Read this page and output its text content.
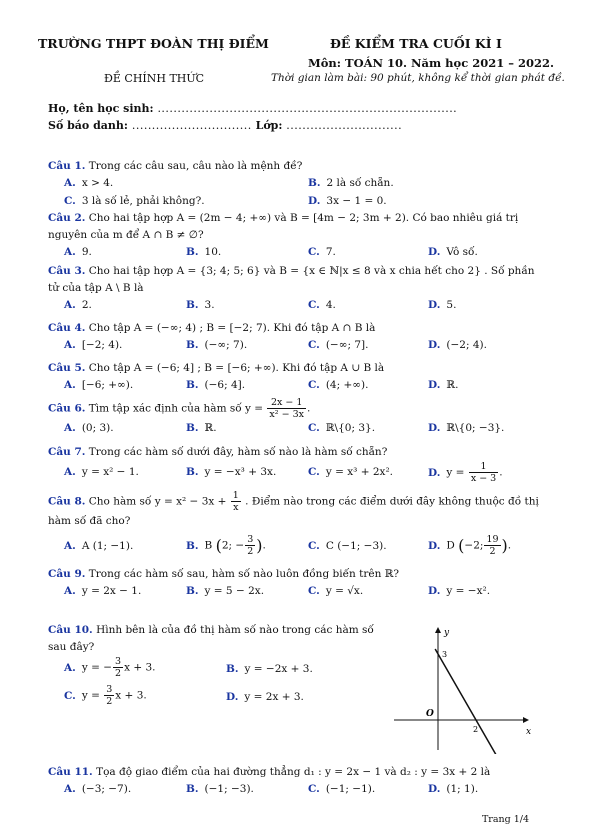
TRƯỜNG THPT ĐOÀN THỊ ĐIỂM	ĐỀ KIỂM TRA CUỐI KÌ I
Môn: TOÁN 10. Năm học 2021 – 2022.
ĐỀ CHÍNH THỨC	Thời gian làm bài: 90 phút, không kể thời gian phát đề.
Họ, tên học sinh: ...........................................................................
Số báo danh: .............................. Lớp: .............................
Câu 1. Trong các câu sau, câu nào là mệnh đề?
A. x > 4.	B. 2 là số chẵn.
C. 3 là số lẻ, phải không?.	D. 3x − 1 = 0.
Câu 2. Cho hai tập hợp A = (2m − 4; +∞) và B = [4m − 2; 3m + 2). Có bao nhiêu giá trị nguyên của m để A ∩ B ≠ ∅?
A. 9.	B. 10.	C. 7.	D. Vô số.
Câu 3. Cho hai tập hợp A = {3; 4; 5; 6} và B = {x ∈ ℕ|x ≤ 8 và x chia hết cho 2} . Số phần tử của tập A \ B là
A. 2.	B. 3.	C. 4.	D. 5.
Câu 4. Cho tập A = (−∞; 4) ; B = [−2; 7). Khi đó tập A ∩ B là
A. [−2; 4).	B. (−∞; 7).	C. (−∞; 7].	D. (−2; 4).
Câu 5. Cho tập A = (−6; 4] ; B = [−6; +∞). Khi đó tập A ∪ B là
A. [−6; +∞).	B. (−6; 4].	C. (4; +∞).	D. ℝ.
Câu 6. Tìm tập xác định của hàm số $y = \frac{2x - 1}{\text{x² − 3x}}$ .
A. (0; 3).	B. ℝ.	C. ℝ\{0; 3}.	D. ℝ\{0; −3}.
Câu 7. Trong các hàm số dưới đây, hàm số nào là hàm số chẵn?
A. y = x² − 1.	B. y = −x³ + 3x.	C. y = x³ + 2x².	D. $y = \frac{1}{x - 3}$ .
Câu 8. Cho hàm số $y = x^2 - 3x + \frac{1}{x}$ . Điểm nào trong các điểm dưới đây không thuộc đồ thị hàm số đã cho?
A. A (1; −1).	B. B (2; − $\frac{3}{2}$ ).	C. C (−1; −3).	D. D (−2; $\frac{19}{2}$ ).
Câu 9. Trong các hàm số sau, hàm số nào luôn đồng biến trên ℝ?
A. y = 2x − 1.	B. y = 5 − 2x.	C. y = √x.	D. y = −x².
Câu 10. Hình bên là của đồ thị hàm số nào trong các hàm số sau đây?
A. y = − $\frac{3}{2}$ x + 3.	B. y = −2x + 3.
C. $y = \frac{3}{2}$ x + 3.	D. y = 2x + 3.
y
x
O
3
2
Câu 11. Tọa độ giao điểm của hai đường thẳng d₁ : y = 2x − 1 và d₂ : y = 3x + 2 là
A. (−3; −7).	B. (−1; −3).	C. (−1; −1).	D. (1; 1).
Trang 1/4
